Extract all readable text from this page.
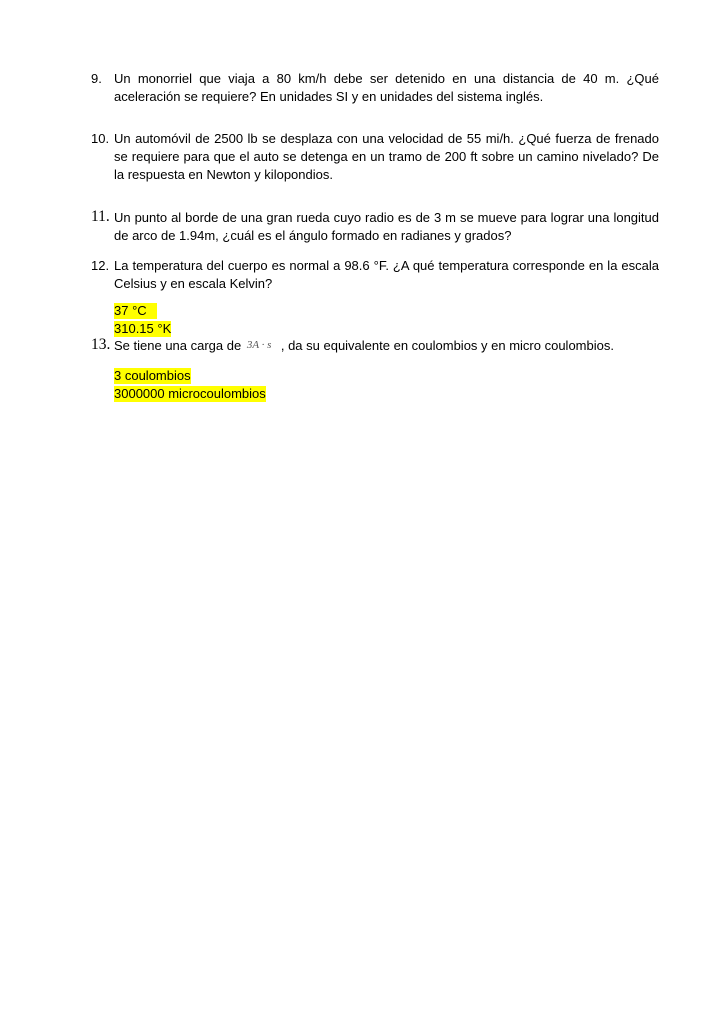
9. Un monorriel que viaja a 80 km/h debe ser detenido en una distancia de 40 m. ¿Qué aceleración se requiere? En unidades SI y en unidades del sistema inglés.
10. Un automóvil de 2500 lb se desplaza con una velocidad de 55 mi/h. ¿Qué fuerza de frenado se requiere para que el auto se detenga en un tramo de 200 ft sobre un camino nivelado? De la respuesta en Newton y kilopondios.
11. Un punto al borde de una gran rueda cuyo radio es de 3 m se mueve para lograr una longitud de arco de 1.94m, ¿cuál es el ángulo formado en radianes y grados?
12. La temperatura del cuerpo es normal a 98.6 °F. ¿A qué temperatura corresponde en la escala Celsius y en escala Kelvin?
37 °C
310.15 °K
13. Se tiene una carga de 3A · s , da su equivalente en coulombios y en micro coulombios.
3 coulombios
3000000 microcoulombios
